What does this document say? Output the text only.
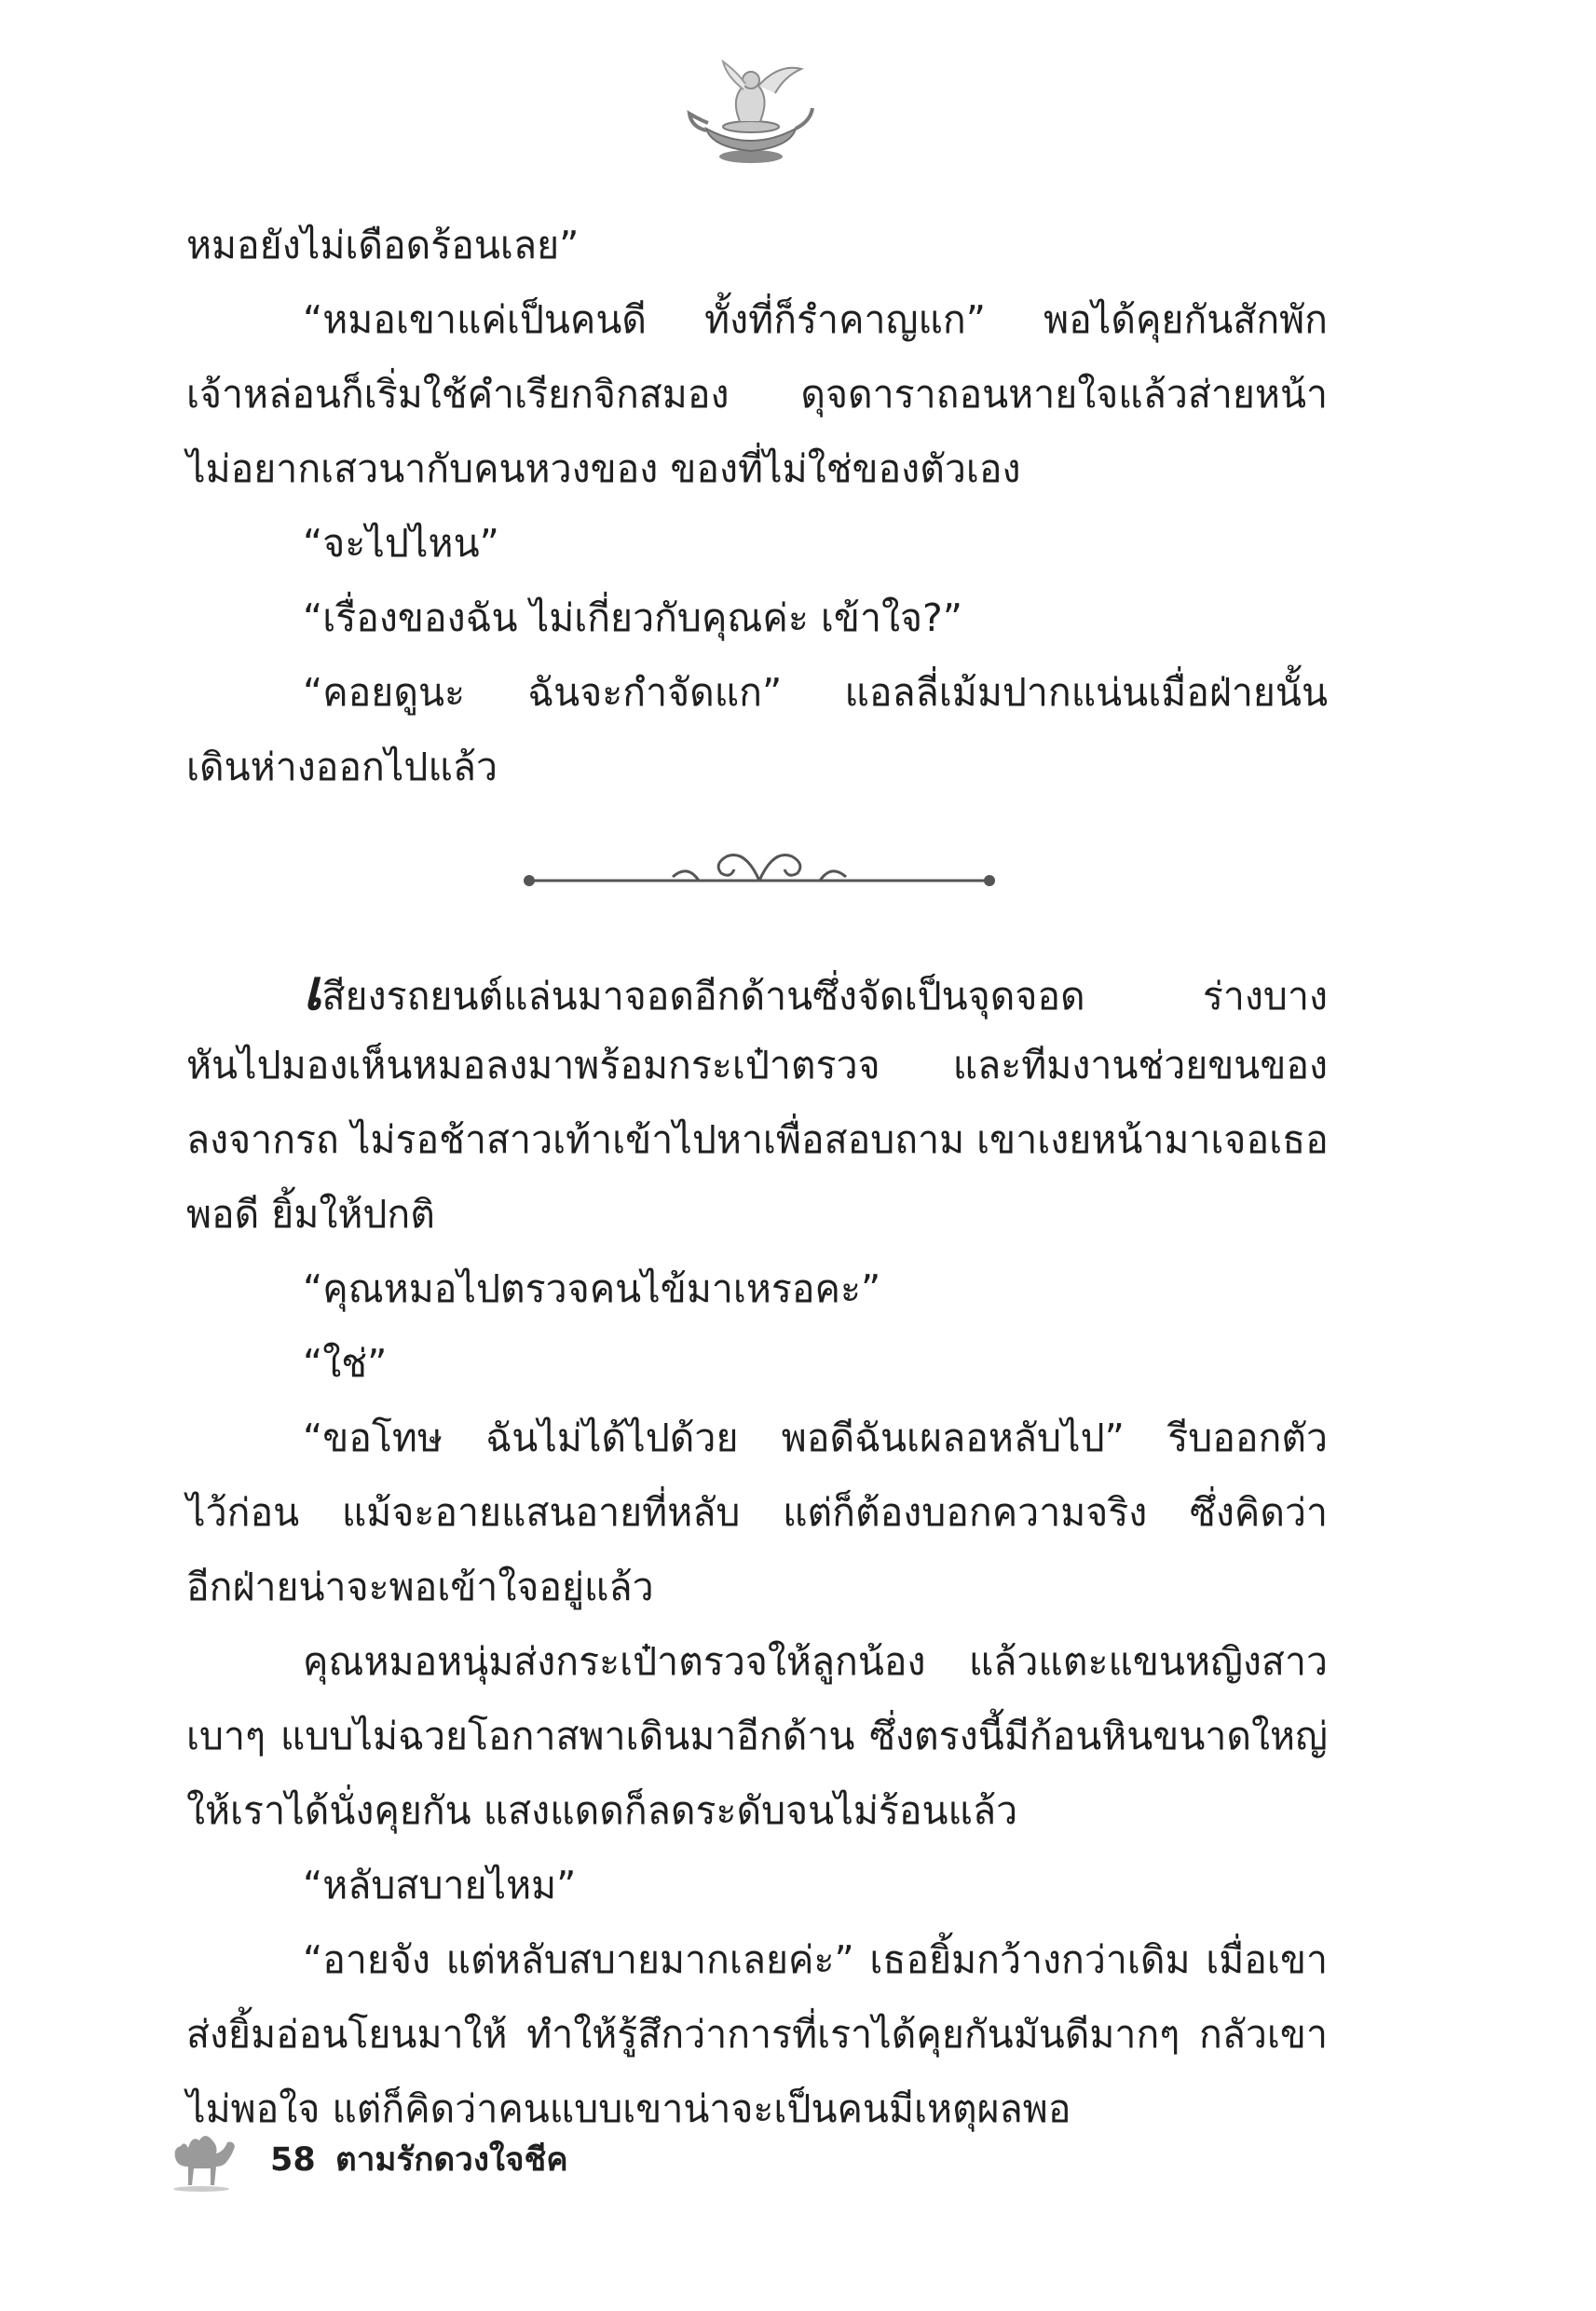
หมอยังไม่เดือดร้อนเลย”
“หมอเขาแค่เป็นคนดี ทั้งที่ก็รำคาญแก” พอได้คุยกันสักพัก
เจ้าหล่อนก็เริ่มใช้คำเรียกจิกสมอง ดุจดาราถอนหายใจแล้วส่ายหน้า
ไม่อยากเสวนากับคนหวงของ ของที่ไม่ใช่ของตัวเอง
“จะไปไหน”
“เรื่องของฉัน ไม่เกี่ยวกับคุณค่ะ เข้าใจ?”
“คอยดูนะ ฉันจะกำจัดแก” แอลลี่เม้มปากแน่นเมื่อฝ่ายนั้น
เดินห่างออกไปแล้ว
เสียงรถยนต์แล่นมาจอดอีกด้านซึ่งจัดเป็นจุดจอด ร่างบาง
หันไปมองเห็นหมอลงมาพร้อมกระเป๋าตรวจ และทีมงานช่วยขนของ
ลงจากรถ ไม่รอช้าสาวเท้าเข้าไปหาเพื่อสอบถาม เขาเงยหน้ามาเจอเธอ
พอดี ยิ้มให้ปกติ
“คุณหมอไปตรวจคนไข้มาเหรอคะ”
“ใช่”
“ขอโทษ ฉันไม่ได้ไปด้วย พอดีฉันเผลอหลับไป” รีบออกตัว
ไว้ก่อน แม้จะอายแสนอายที่หลับ แต่ก็ต้องบอกความจริง ซึ่งคิดว่า
อีกฝ่ายน่าจะพอเข้าใจอยู่แล้ว
คุณหมอหนุ่มส่งกระเป๋าตรวจให้ลูกน้อง แล้วแตะแขนหญิงสาว
เบาๆ แบบไม่ฉวยโอกาสพาเดินมาอีกด้าน ซึ่งตรงนี้มีก้อนหินขนาดใหญ่
ให้เราได้นั่งคุยกัน แสงแดดก็ลดระดับจนไม่ร้อนแล้ว
“หลับสบายไหม”
“อายจัง แต่หลับสบายมากเลยค่ะ” เธอยิ้มกว้างกว่าเดิม เมื่อเขา
ส่งยิ้มอ่อนโยนมาให้ ทำให้รู้สึกว่าการที่เราได้คุยกันมันดีมากๆ กลัวเขา
ไม่พอใจ แต่ก็คิดว่าคนแบบเขาน่าจะเป็นคนมีเหตุผลพอ
58 ตามรักดวงใจชีค
